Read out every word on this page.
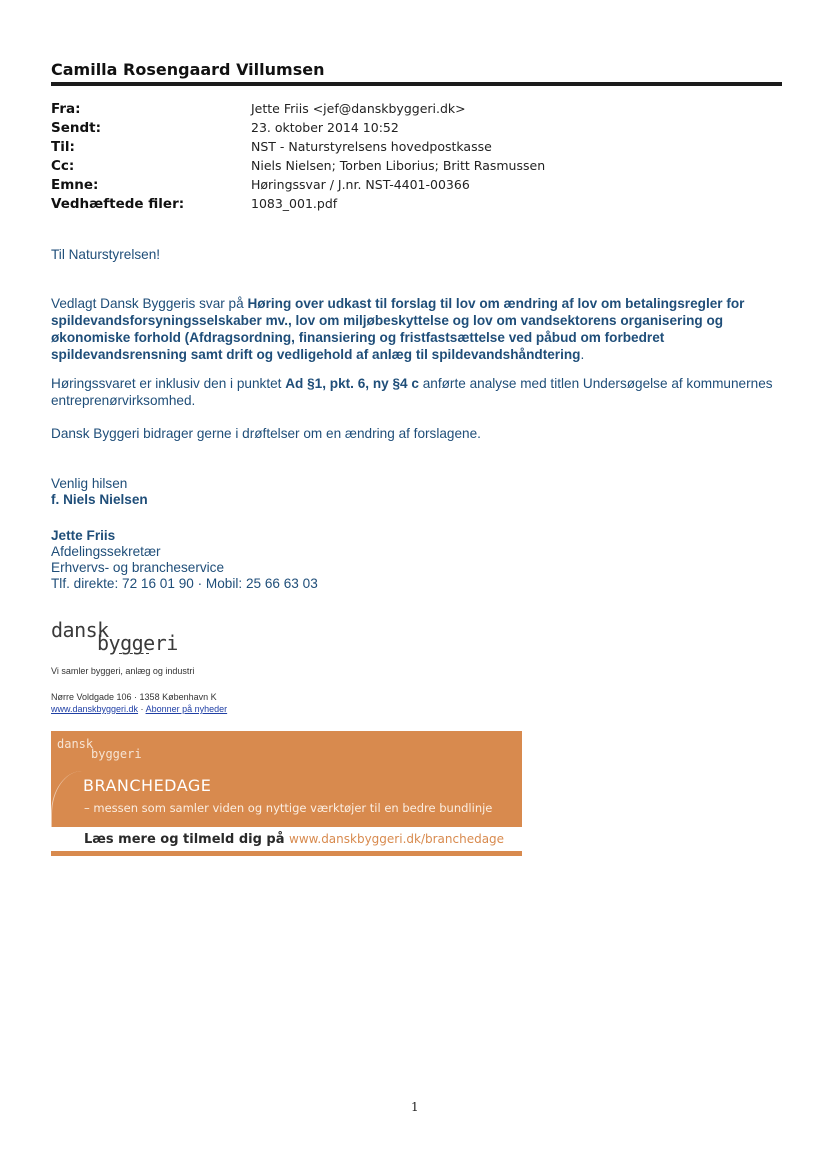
Camilla Rosengaard Villumsen
Fra:	Jette Friis <jef@danskbyggeri.dk>
Sendt:	23. oktober 2014 10:52
Til:	NST - Naturstyrelsens hovedpostkasse
Cc:	Niels Nielsen; Torben Liborius; Britt Rasmussen
Emne:	Høringssvar / J.nr. NST-4401-00366
Vedhæftede filer:	1083_001.pdf
Til Naturstyrelsen!
Vedlagt Dansk Byggeris svar på Høring over udkast til forslag til lov om ændring af lov om betalingsregler for spildevandsforsyningsselskaber mv., lov om miljøbeskyttelse og lov om vandsektorens organisering og økonomiske forhold (Afdragsordning, finansiering og fristfastsættelse ved påbud om forbedret spildevandsrensning samt drift og vedligehold af anlæg til spildevandshåndtering.
Høringssvaret er inklusiv den i punktet Ad §1, pkt. 6, ny §4 c anførte analyse med titlen Undersøgelse af kommunernes entreprenørvirksomhed.
Dansk Byggeri bidrager gerne i drøftelser om en ændring af forslagene.
Venlig hilsen
f. Niels Nielsen
Jette Friis
Afdelingssekretær
Erhvervs- og brancheservice
Tlf. direkte: 72 16 01 90 · Mobil: 25 66 63 03
dansk
byggeri
Vi samler byggeri, anlæg og industri
Nørre Voldgade 106 · 1358 København K
www.danskbyggeri.dk · Abonner på nyheder
dansk
byggeri
BRANCHEDAGE
– messen som samler viden og nyttige værktøjer til en bedre bundlinje
Læs mere og tilmeld dig på www.danskbyggeri.dk/branchedage
1
